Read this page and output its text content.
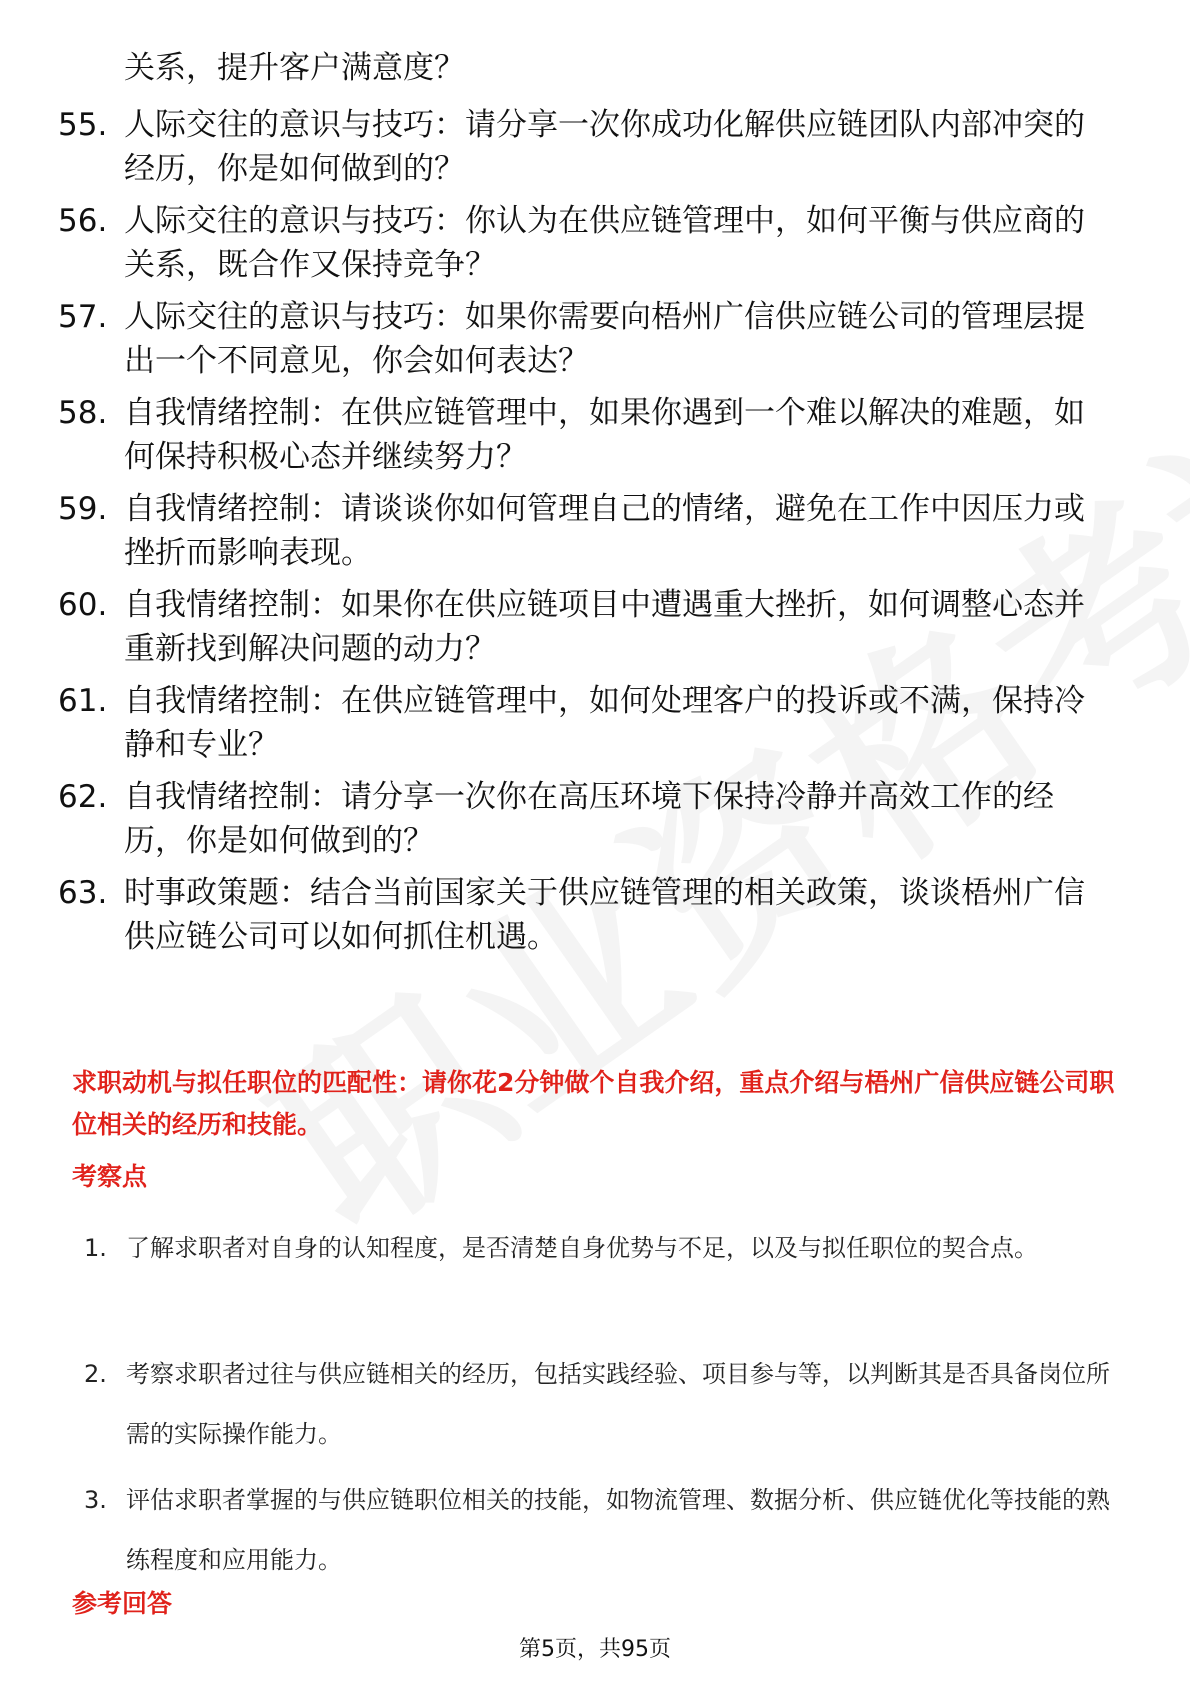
关系，提升客户满意度？
55. 人际交往的意识与技巧：请分享一次你成功化解供应链团队内部冲突的经历，你是如何做到的？
56. 人际交往的意识与技巧：你认为在供应链管理中，如何平衡与供应商的关系，既合作又保持竞争？
57. 人际交往的意识与技巧：如果你需要向梧州广信供应链公司的管理层提出一个不同意见，你会如何表达？
58. 自我情绪控制：在供应链管理中，如果你遇到一个难以解决的难题，如何保持积极心态并继续努力？
59. 自我情绪控制：请谈谈你如何管理自己的情绪，避免在工作中因压力或挫折而影响表现。
60. 自我情绪控制：如果你在供应链项目中遭遇重大挫折，如何调整心态并重新找到解决问题的动力？
61. 自我情绪控制：在供应链管理中，如何处理客户的投诉或不满，保持冷静和专业？
62. 自我情绪控制：请分享一次你在高压环境下保持冷静并高效工作的经历，你是如何做到的？
63. 时事政策题：结合当前国家关于供应链管理的相关政策，谈谈梧州广信供应链公司可以如何抓住机遇。
求职动机与拟任职位的匹配性：请你花2分钟做个自我介绍，重点介绍与梧州广信供应链公司职位相关的经历和技能。
考察点
1. 了解求职者对自身的认知程度，是否清楚自身优势与不足，以及与拟任职位的契合点。
2. 考察求职者过往与供应链相关的经历，包括实践经验、项目参与等，以判断其是否具备岗位所需的实际操作能力。
3. 评估求职者掌握的与供应链职位相关的技能，如物流管理、数据分析、供应链优化等技能的熟练程度和应用能力。
参考回答
第5页，共95页
